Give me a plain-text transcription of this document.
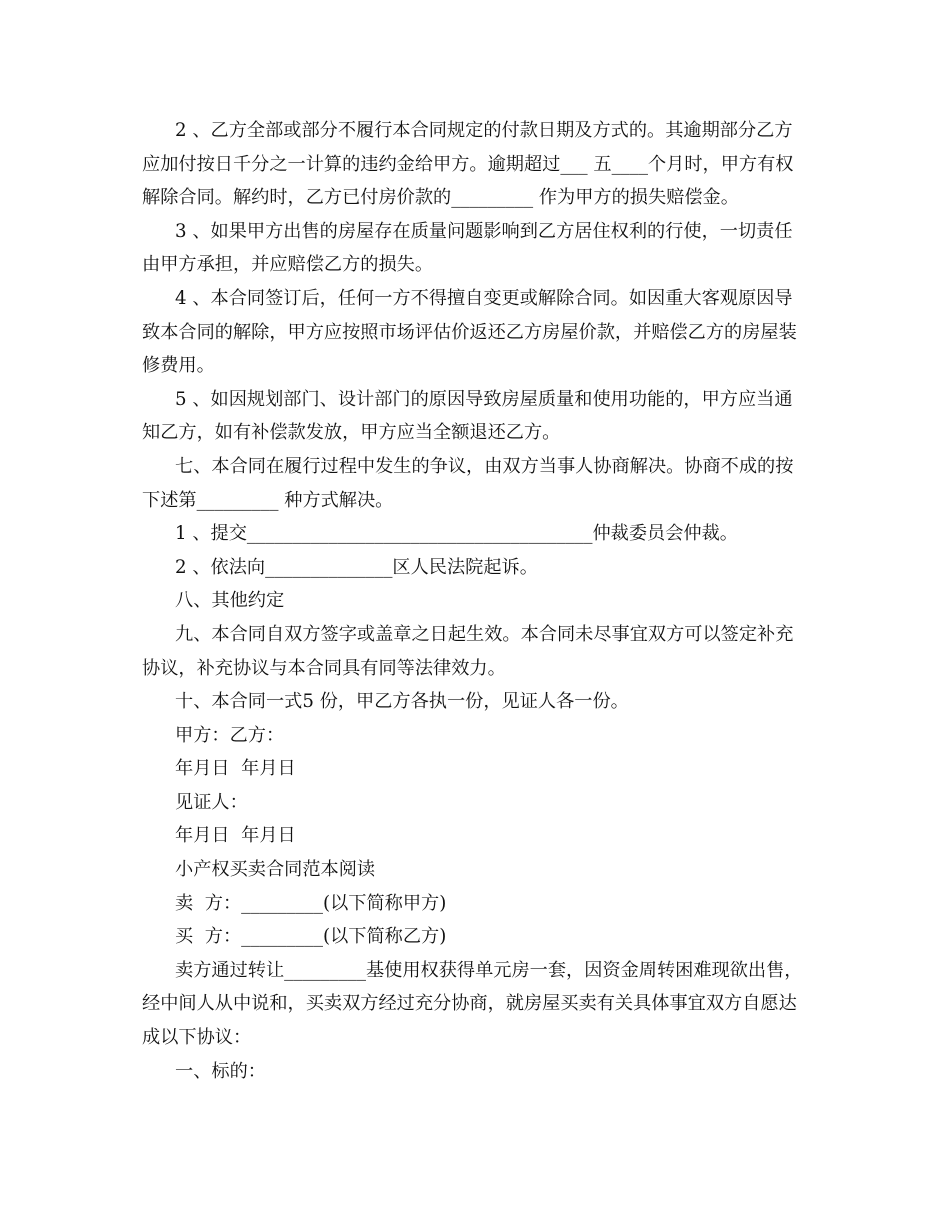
2 、乙方全部或部分不履行本合同规定的付款日期及方式的。其逾期部分乙方
应加付按日千分之一计算的违约金给甲方。逾期超过___ 五____个月时，甲方有权
解除合同。解约时，乙方已付房价款的_________ 作为甲方的损失赔偿金。

3 、如果甲方出售的房屋存在质量问题影响到乙方居住权利的行使，一切责任
由甲方承担，并应赔偿乙方的损失。

4 、本合同签订后，任何一方不得擅自变更或解除合同。如因重大客观原因导
致本合同的解除，甲方应按照市场评估价返还乙方房屋价款，并赔偿乙方的房屋装
修费用。

5 、如因规划部门、设计部门的原因导致房屋质量和使用功能的，甲方应当通
知乙方，如有补偿款发放，甲方应当全额退还乙方。

七、本合同在履行过程中发生的争议，由双方当事人协商解决。协商不成的按
下述第_________ 种方式解决。

1 、提交______________________________________仲裁委员会仲裁。

2 、依法向______________区人民法院起诉。

八、其他约定

九、本合同自双方签字或盖章之日起生效。本合同未尽事宜双方可以签定补充
协议，补充协议与本合同具有同等法律效力。

十、本合同一式5 份，甲乙方各执一份，见证人各一份。

甲方：乙方：

年月日  年月日

见证人：

年月日  年月日

小产权买卖合同范本阅读

卖  方：_________(以下简称甲方)

买  方：_________(以下简称乙方)

卖方通过转让_________基使用权获得单元房一套，因资金周转困难现欲出售，
经中间人从中说和，买卖双方经过充分协商，就房屋买卖有关具体事宜双方自愿达
成以下协议：

一、标的：
